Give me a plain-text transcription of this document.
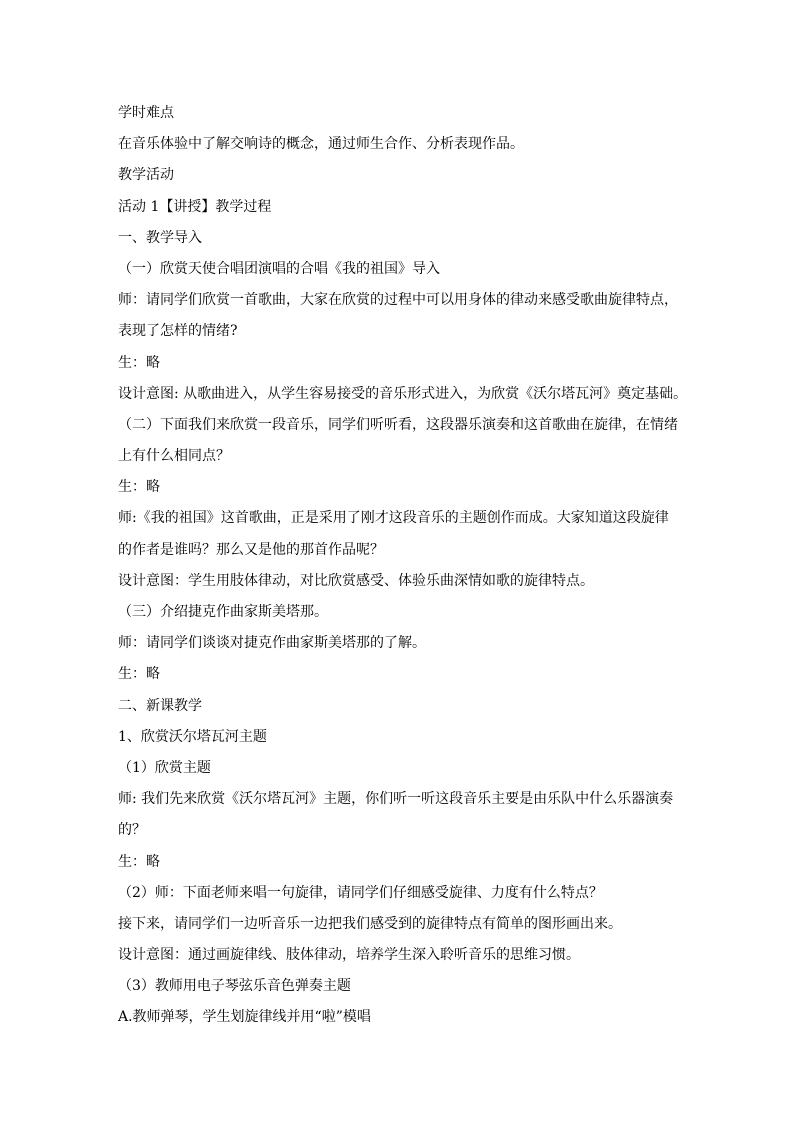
学时难点

在音乐体验中了解交响诗的概念，通过师生合作、分析表现作品。

教学活动

活动 1【讲授】教学过程

一、教学导入

（一）欣赏天使合唱团演唱的合唱《我的祖国》导入

师：请同学们欣赏一首歌曲，大家在欣赏的过程中可以用身体的律动来感受歌曲旋律特点，

表现了怎样的情绪?

生：略

设计意图: 从歌曲进入，从学生容易接受的音乐形式进入，为欣赏《沃尔塔瓦河》奠定基础。

（二）下面我们来欣赏一段音乐，同学们听听看，这段器乐演奏和这首歌曲在旋律，在情绪

上有什么相同点？

生：略

师:《我的祖国》这首歌曲，正是采用了刚才这段音乐的主题创作而成。大家知道这段旋律

的作者是谁吗？那么又是他的那首作品呢？

设计意图：学生用肢体律动，对比欣赏感受、体验乐曲深情如歌的旋律特点。

（三）介绍捷克作曲家斯美塔那。

师：请同学们谈谈对捷克作曲家斯美塔那的了解。

生：略

二、新课教学

1、欣赏沃尔塔瓦河主题

（1）欣赏主题

师: 我们先来欣赏《沃尔塔瓦河》主题，你们听一听这段音乐主要是由乐队中什么乐器演奏

的？

生：略

（2）师：下面老师来唱一句旋律，请同学们仔细感受旋律、力度有什么特点？

接下来，请同学们一边听音乐一边把我们感受到的旋律特点有简单的图形画出来。

设计意图：通过画旋律线、肢体律动，培养学生深入聆听音乐的思维习惯。

（3）教师用电子琴弦乐音色弹奏主题

A.教师弹琴，学生划旋律线并用“啦”模唱
